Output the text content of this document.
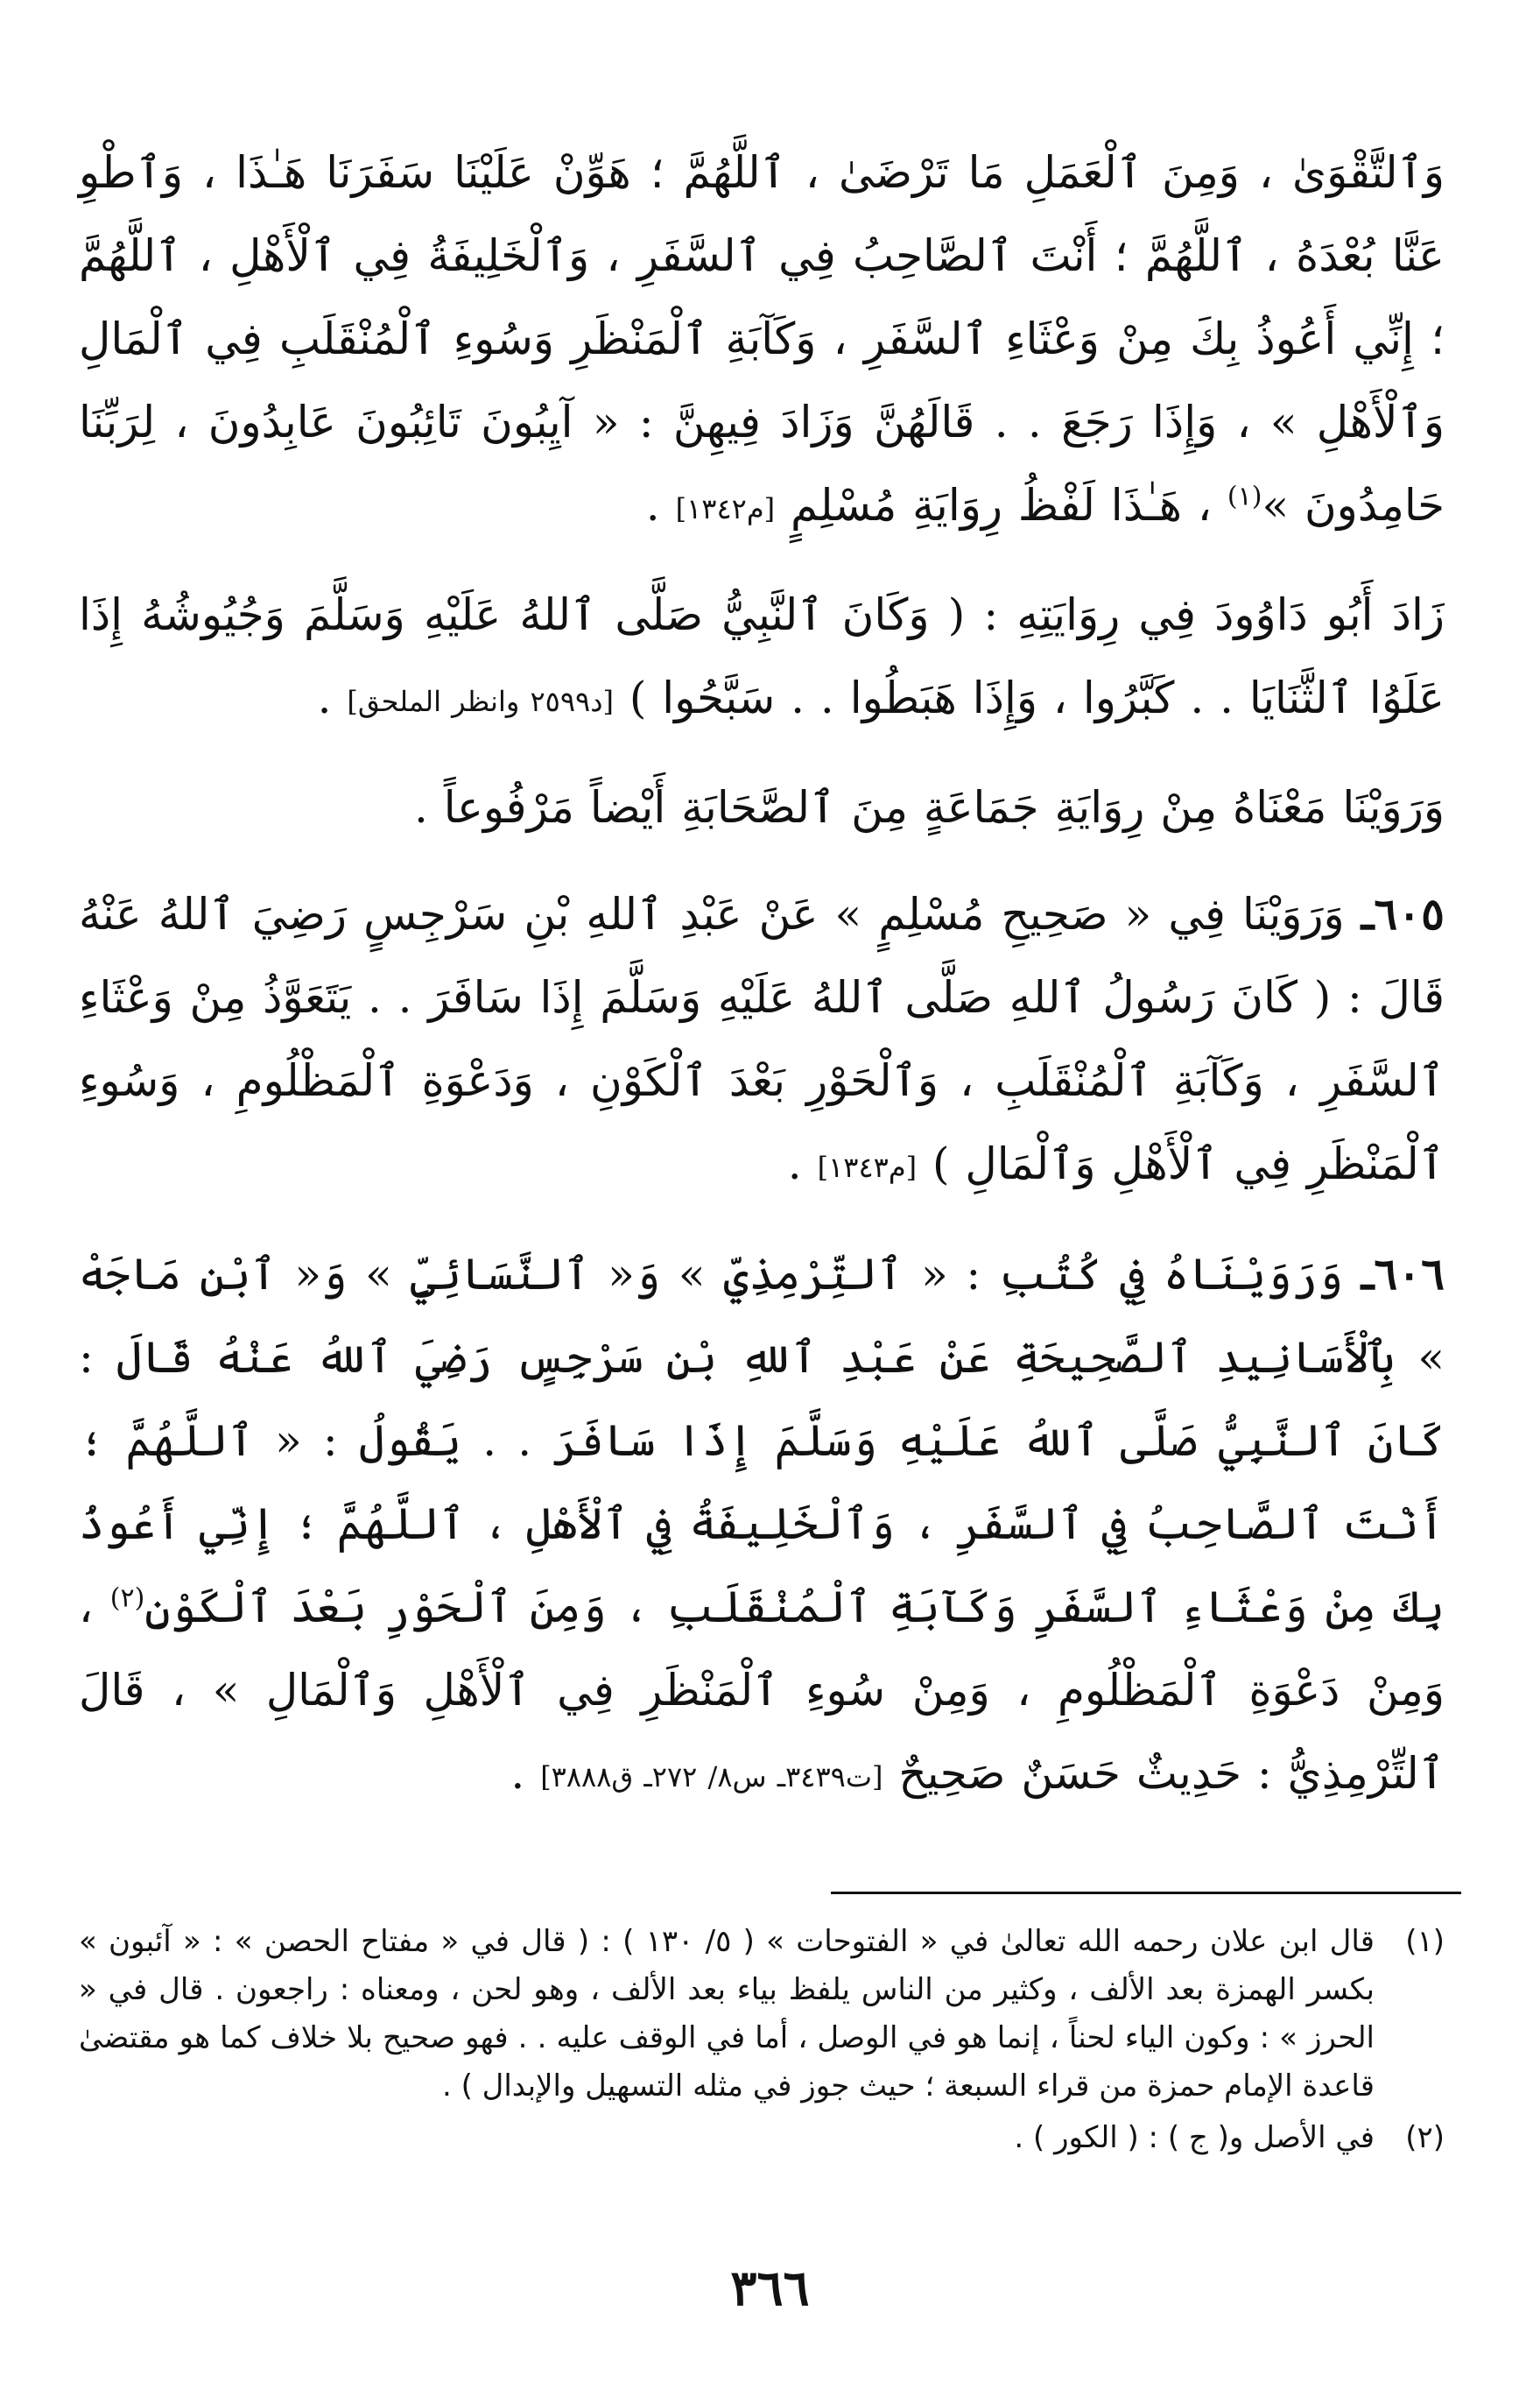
وَٱلتَّقْوَىٰ ، وَمِنَ ٱلْعَمَلِ مَا تَرْضَىٰ ، ٱللَّهُمَّ ؛ هَوِّنْ عَلَيْنَا سَفَرَنَا هَـٰذَا ، وَٱطْوِ عَنَّا بُعْدَهُ ، ٱللَّهُمَّ ؛ أَنْتَ ٱلصَّاحِبُ فِي ٱلسَّفَرِ ، وَٱلْخَلِيفَةُ فِي ٱلْأَهْلِ ، ٱللَّهُمَّ ؛ إِنِّي أَعُوذُ بِكَ مِنْ وَعْثَاءِ ٱلسَّفَرِ ، وَكَآبَةِ ٱلْمَنْظَرِ وَسُوءِ ٱلْمُنْقَلَبِ فِي ٱلْمَالِ وَٱلْأَهْلِ » ، وَإِذَا رَجَعَ . . قَالَهُنَّ وَزَادَ فِيهِنَّ : « آيِبُونَ تَائِبُونَ عَابِدُونَ ، لِرَبِّنَا حَامِدُونَ »$^{(١)}$ ، هَـٰذَا لَفْظُ رِوَايَةِ مُسْلِمٍ [م١٣٤٢] .

زَادَ أَبُو دَاوُودَ فِي رِوَايَتِهِ : ( وَكَانَ ٱلنَّبِيُّ صَلَّى ٱللهُ عَلَيْهِ وَسَلَّمَ وَجُيُوشُهُ إِذَا عَلَوُا ٱلثَّنَايَا . . كَبَّرُوا ، وَإِذَا هَبَطُوا . . سَبَّحُوا ) [د٢٥٩٩ وانظر الملحق] .

وَرَوَيْنَا مَعْنَاهُ مِنْ رِوَايَةِ جَمَاعَةٍ مِنَ ٱلصَّحَابَةِ أَيْضاً مَرْفُوعاً .

٦٠٥ـ وَرَوَيْنَا فِي « صَحِيحِ مُسْلِمٍ » عَنْ عَبْدِ ٱللهِ بْنِ سَرْجِسٍ رَضِيَ ٱللهُ عَنْهُ قَالَ : ( كَانَ رَسُولُ ٱللهِ صَلَّى ٱللهُ عَلَيْهِ وَسَلَّمَ إِذَا سَافَرَ . . يَتَعَوَّذُ مِنْ وَعْثَاءِ ٱلسَّفَرِ ، وَكَآبَةِ ٱلْمُنْقَلَبِ ، وَٱلْحَوْرِ بَعْدَ ٱلْكَوْنِ ، وَدَعْوَةِ ٱلْمَظْلُومِ ، وَسُوءِ ٱلْمَنْظَرِ فِي ٱلْأَهْلِ وَٱلْمَالِ ) [م١٣٤٣] .

٦٠٦ـ وَرَوَيْنَاهُ فِي كُتُبِ : « ٱلتِّرْمِذِيِّ » وَ« ٱلنَّسَائِيِّ » وَ« ٱبْنِ مَاجَهْ » بِٱلْأَسَانِيدِ ٱلصَّحِيحَةِ عَنْ عَبْدِ ٱللهِ بْنِ سَرْجِسٍ رَضِيَ ٱللهُ عَنْهُ قَالَ : كَانَ ٱلنَّبِيُّ صَلَّى ٱللهُ عَلَيْهِ وَسَلَّمَ إِذَا سَافَرَ . . يَقُولُ : « ٱللَّهُمَّ ؛ أَنْتَ ٱلصَّاحِبُ فِي ٱلسَّفَرِ ، وَٱلْخَلِيفَةُ فِي ٱلْأَهْلِ ، ٱللَّهُمَّ ؛ إِنِّي أَعُوذُ بِكَ مِنْ وَعْثَاءِ ٱلسَّفَرِ وَكَآبَةِ ٱلْمُنْقَلَبِ ، وَمِنَ ٱلْحَوْرِ بَعْدَ ٱلْكَوْنِ$^{(٢)}$ ، وَمِنْ دَعْوَةِ ٱلْمَظْلُومِ ، وَمِنْ سُوءِ ٱلْمَنْظَرِ فِي ٱلْأَهْلِ وَٱلْمَالِ » ، قَالَ ٱلتِّرْمِذِيُّ : حَدِيثٌ حَسَنٌ صَحِيحٌ [ت٣٤٣٩ـ س٨/ ٢٧٢ـ ق٣٨٨٨] .

(١)
قال ابن علان رحمه الله تعالىٰ في « الفتوحات » ( ٥/ ١٣٠ ) : ( قال في « مفتاح الحصن » : « آئبون » بكسر الهمزة بعد الألف ، وكثير من الناس يلفظ بياء بعد الألف ، وهو لحن ، ومعناه : راجعون . قال في « الحرز » : وكون الياء لحناً ، إنما هو في الوصل ، أما في الوقف عليه . . فهو صحيح بلا خلاف كما هو مقتضىٰ قاعدة الإمام حمزة من قراء السبعة ؛ حيث جوز في مثله التسهيل والإبدال ) .
(٢)
في الأصل و( ج ) : ( الكور ) .
٣٦٦
